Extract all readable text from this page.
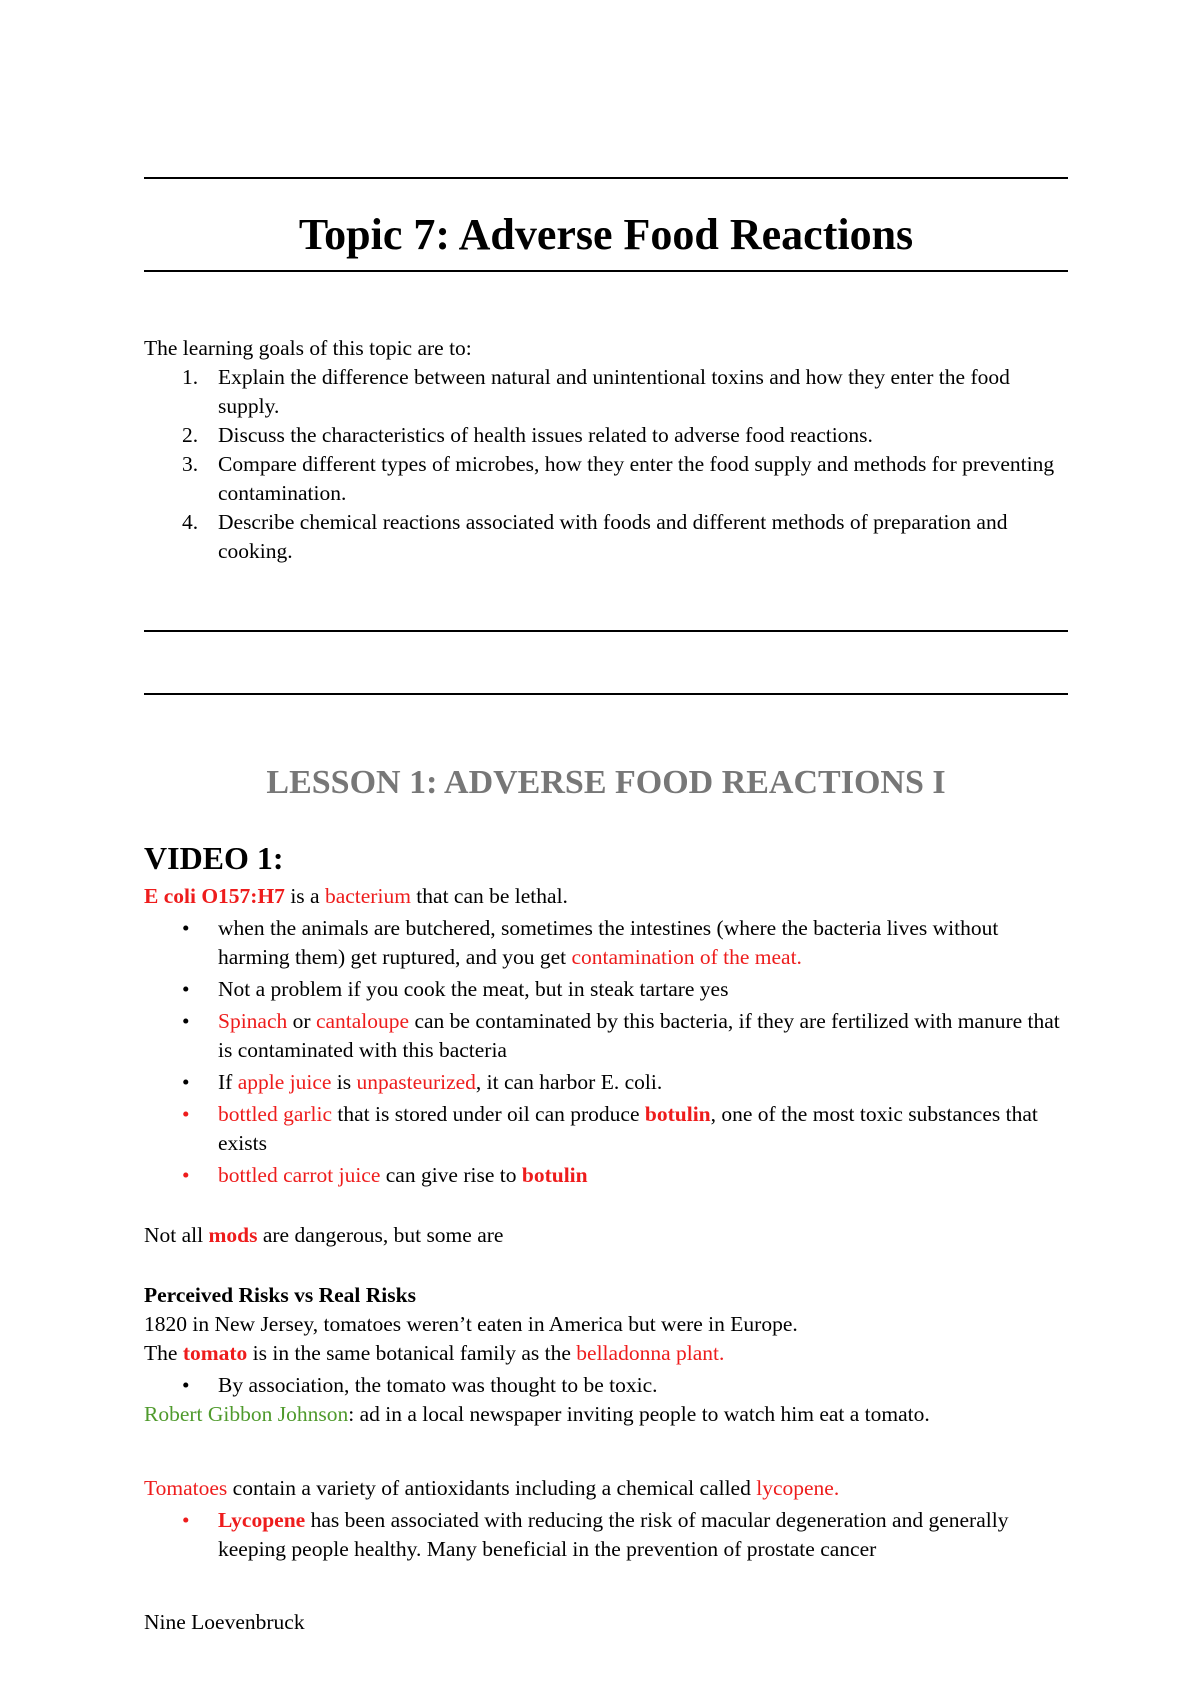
Topic 7: Adverse Food Reactions
The learning goals of this topic are to:
1. Explain the difference between natural and unintentional toxins and how they enter the food supply.
2. Discuss the characteristics of health issues related to adverse food reactions.
3. Compare different types of microbes, how they enter the food supply and methods for preventing contamination.
4. Describe chemical reactions associated with foods and different methods of preparation and cooking.
LESSON 1: ADVERSE FOOD REACTIONS I
VIDEO 1:
E coli O157:H7 is a bacterium that can be lethal.
• when the animals are butchered, sometimes the intestines (where the bacteria lives without harming them) get ruptured, and you get contamination of the meat.
• Not a problem if you cook the meat, but in steak tartare yes
• Spinach or cantaloupe can be contaminated by this bacteria, if they are fertilized with manure that is contaminated with this bacteria
• If apple juice is unpasteurized, it can harbor E. coli.
• bottled garlic that is stored under oil can produce botulin, one of the most toxic substances that exists
• bottled carrot juice can give rise to botulin
Not all mods are dangerous, but some are
Perceived Risks vs Real Risks
1820 in New Jersey, tomatoes weren’t eaten in America but were in Europe.
The tomato is in the same botanical family as the belladonna plant.
• By association, the tomato was thought to be toxic.
Robert Gibbon Johnson: ad in a local newspaper inviting people to watch him eat a tomato.
Tomatoes contain a variety of antioxidants including a chemical called lycopene.
• Lycopene has been associated with reducing the risk of macular degeneration and generally keeping people healthy. Many beneficial in the prevention of prostate cancer
Nine Loevenbruck
